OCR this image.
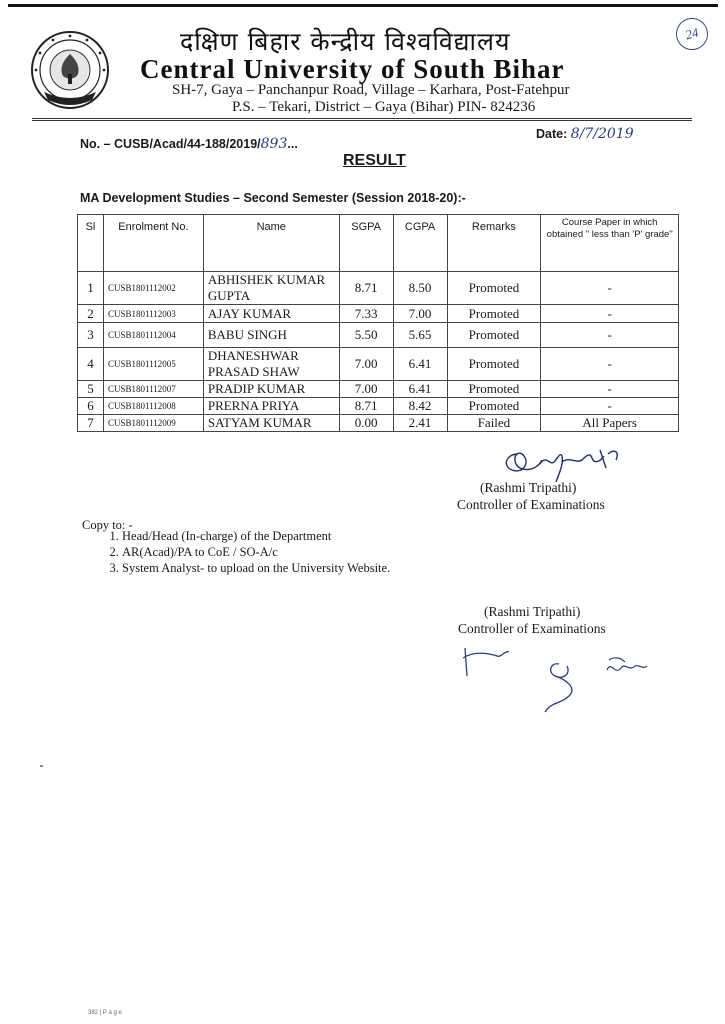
दक्षिण बिहार केन्द्रीय विश्वविद्यालय
Central University of South Bihar
SH-7, Gaya – Panchanpur Road, Village – Karhara, Post-Fatehpur
P.S. – Tekari, District – Gaya (Bihar) PIN- 824236
24
No. – CUSB/Acad/44-188/2019/893...
Date: 8/7/2019
RESULT
MA Development Studies – Second Semester (Session 2018-20):-
Sl	Enrolment No.	Name	SGPA	CGPA	Remarks	Course Paper in which obtained " less than 'P' grade"
1	CUSB1801112002	ABHISHEK KUMAR GUPTA	8.71	8.50	Promoted	-
2	CUSB1801112003	AJAY KUMAR	7.33	7.00	Promoted	-
3	CUSB1801112004	BABU SINGH	5.50	5.65	Promoted	-
4	CUSB1801112005	DHANESHWAR PRASAD SHAW	7.00	6.41	Promoted	-
5	CUSB1801112007	PRADIP KUMAR	7.00	6.41	Promoted	-
6	CUSB1801112008	PRERNA PRIYA	8.71	8.42	Promoted	-
7	CUSB1801112009	SATYAM KUMAR	0.00	2.41	Failed	All Papers
(Rashmi Tripathi)
Controller of Examinations
Copy to: -
1. Head/Head (In-charge) of the Department
2. AR(Acad)/PA to CoE / SO-A/c
3. System Analyst- to upload on the University Website.
(Rashmi Tripathi)
Controller of Examinations
382 | P a g e
